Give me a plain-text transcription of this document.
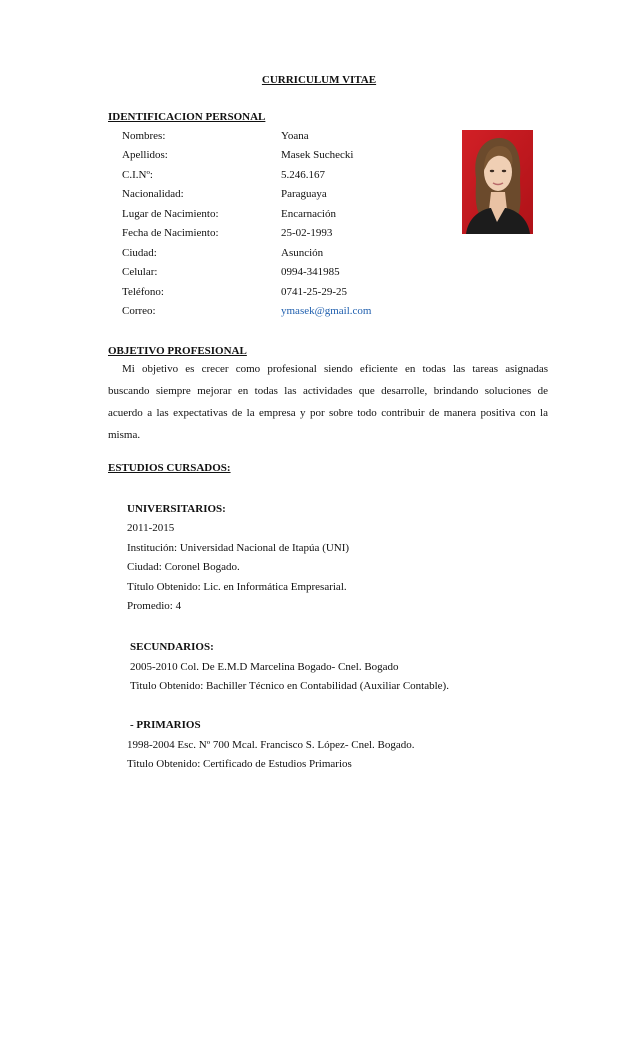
CURRICULUM VITAE
IDENTIFICACION PERSONAL
Nombres:	Yoana
Apellidos:	Masek Suchecki
C.I.Nº:	5.246.167
Nacionalidad:	Paraguaya
Lugar de Nacimiento:	Encarnación
Fecha de Nacimiento:	25-02-1993
Ciudad:	Asunción
Celular:	0994-341985
Teléfono:	0741-25-29-25
Correo:	ymasek@gmail.com
OBJETIVO PROFESIONAL
Mi objetivo es crecer como profesional siendo eficiente en todas las tareas asignadas
buscando siempre mejorar en todas las actividades que desarrolle, brindando soluciones de
acuerdo a las expectativas de la empresa y por sobre todo contribuir de manera positiva con la
misma.
ESTUDIOS CURSADOS:
UNIVERSITARIOS:
2011-2015
Institución: Universidad Nacional de Itapúa (UNI)
Ciudad: Coronel Bogado.
Título Obtenido: Lic. en Informática Empresarial.
Promedio: 4
SECUNDARIOS:
2005-2010 Col. De E.M.D Marcelina Bogado- Cnel. Bogado
Titulo Obtenido: Bachiller Técnico en Contabilidad (Auxiliar Contable).
- PRIMARIOS
1998-2004 Esc. Nº 700 Mcal. Francisco S. López- Cnel. Bogado.
Titulo Obtenido: Certificado de Estudios Primarios
